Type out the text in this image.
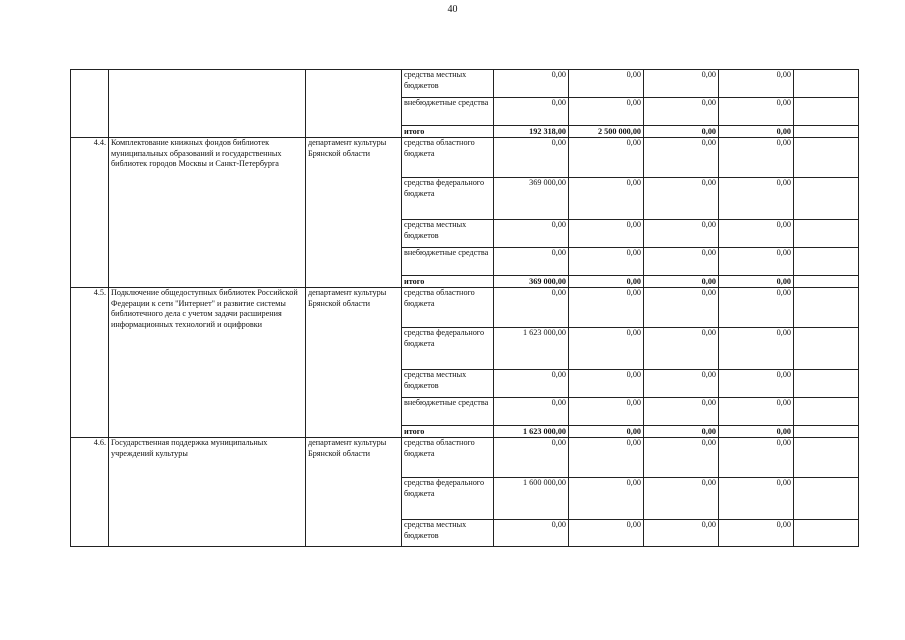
40
			средства местных бюджетов	0,00	0,00	0,00	0,00	
			внебюджетные средства	0,00	0,00	0,00	0,00	
			итого	192 318,00	2 500 000,00	0,00	0,00	
4.4.	Комплектование книжных фондов библиотек муниципальных образований и государственных библиотек городов Москвы и Санкт-Петербурга	департамент культуры Брянской области	средства областного бюджета	0,00	0,00	0,00	0,00	
			средства федерального бюджета	369 000,00	0,00	0,00	0,00	
			средства местных бюджетов	0,00	0,00	0,00	0,00	
			внебюджетные средства	0,00	0,00	0,00	0,00	
			итого	369 000,00	0,00	0,00	0,00	
4.5.	Подключение общедоступных библиотек Российской Федерации к сети "Интернет" и развитие системы библиотечного дела с учетом задачи расширения информационных технологий и оцифровки	департамент культуры Брянской области	средства областного бюджета	0,00	0,00	0,00	0,00	
			средства федерального бюджета	1 623 000,00	0,00	0,00	0,00	
			средства местных бюджетов	0,00	0,00	0,00	0,00	
			внебюджетные средства	0,00	0,00	0,00	0,00	
			итого	1 623 000,00	0,00	0,00	0,00	
4.6.	Государственная поддержка муниципальных учреждений культуры	департамент культуры Брянской области	средства областного бюджета	0,00	0,00	0,00	0,00	
			средства федерального бюджета	1 600 000,00	0,00	0,00	0,00	
			средства местных бюджетов	0,00	0,00	0,00	0,00	
